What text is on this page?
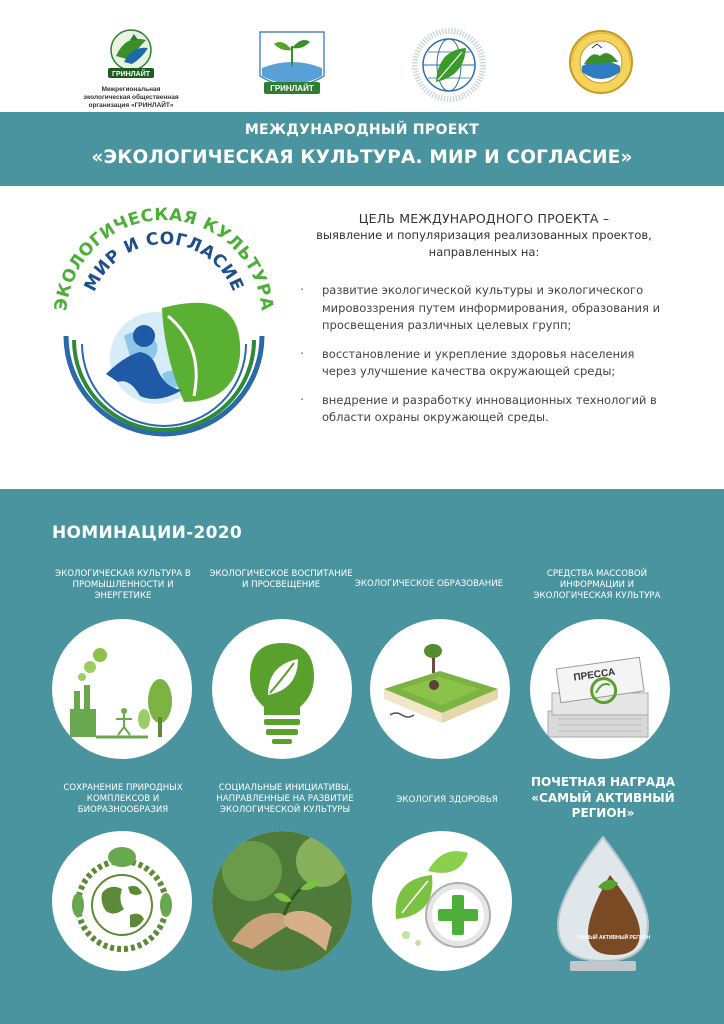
ГРИНЛАЙТ
Межрегиональная
экологическая общественная
организация «ГРИНЛАЙТ»
ГРИНЛАЙТ
МЕЖДУНАРОДНЫЙ ПРОЕКТ
«ЭКОЛОГИЧЕСКАЯ КУЛЬТУРА. МИР И СОГЛАСИЕ»
ЭКОЛОГИЧЕСКАЯ КУЛЬТУРА
МИР И СОГЛАСИЕ
ЦЕЛЬ МЕЖДУНАРОДНОГО ПРОЕКТА –
выявление и популяризация реализованных проектов,
направленных на:
· развитие экологической культуры и экологического мировоззрения путем информирования, образования и просвещения различных целевых групп;
· восстановление и укрепление здоровья населения через улучшение качества окружающей среды;
· внедрение и разработку инновационных технологий в области охраны окружающей среды.
НОМИНАЦИИ-2020
ЭКОЛОГИЧЕСКАЯ КУЛЬТУРА В ПРОМЫШЛЕННОСТИ И ЭНЕРГЕТИКЕ
ЭКОЛОГИЧЕСКОЕ ВОСПИТАНИЕ И ПРОСВЕЩЕНИЕ	ЭКОЛОГИЧЕСКОЕ ОБРАЗОВАНИЕ
СРЕДСТВА МАССОВОЙ ИНФОРМАЦИИ И ЭКОЛОГИЧЕСКАЯ КУЛЬТУРА
ПРЕССА
СОХРАНЕНИЕ ПРИРОДНЫХ КОМПЛЕКСОВ И БИОРАЗНООБРАЗИЯ
СОЦИАЛЬНЫЕ ИНИЦИАТИВЫ, НАПРАВЛЕННЫЕ НА РАЗВИТИЕ ЭКОЛОГИЧЕСКОЙ КУЛЬТУРЫ
ЭКОЛОГИЯ ЗДОРОВЬЯ
ПОЧЕТНАЯ НАГРАДА
«САМЫЙ АКТИВНЫЙ
РЕГИОН»
САМЫЙ АКТИВНЫЙ РЕГИОН
